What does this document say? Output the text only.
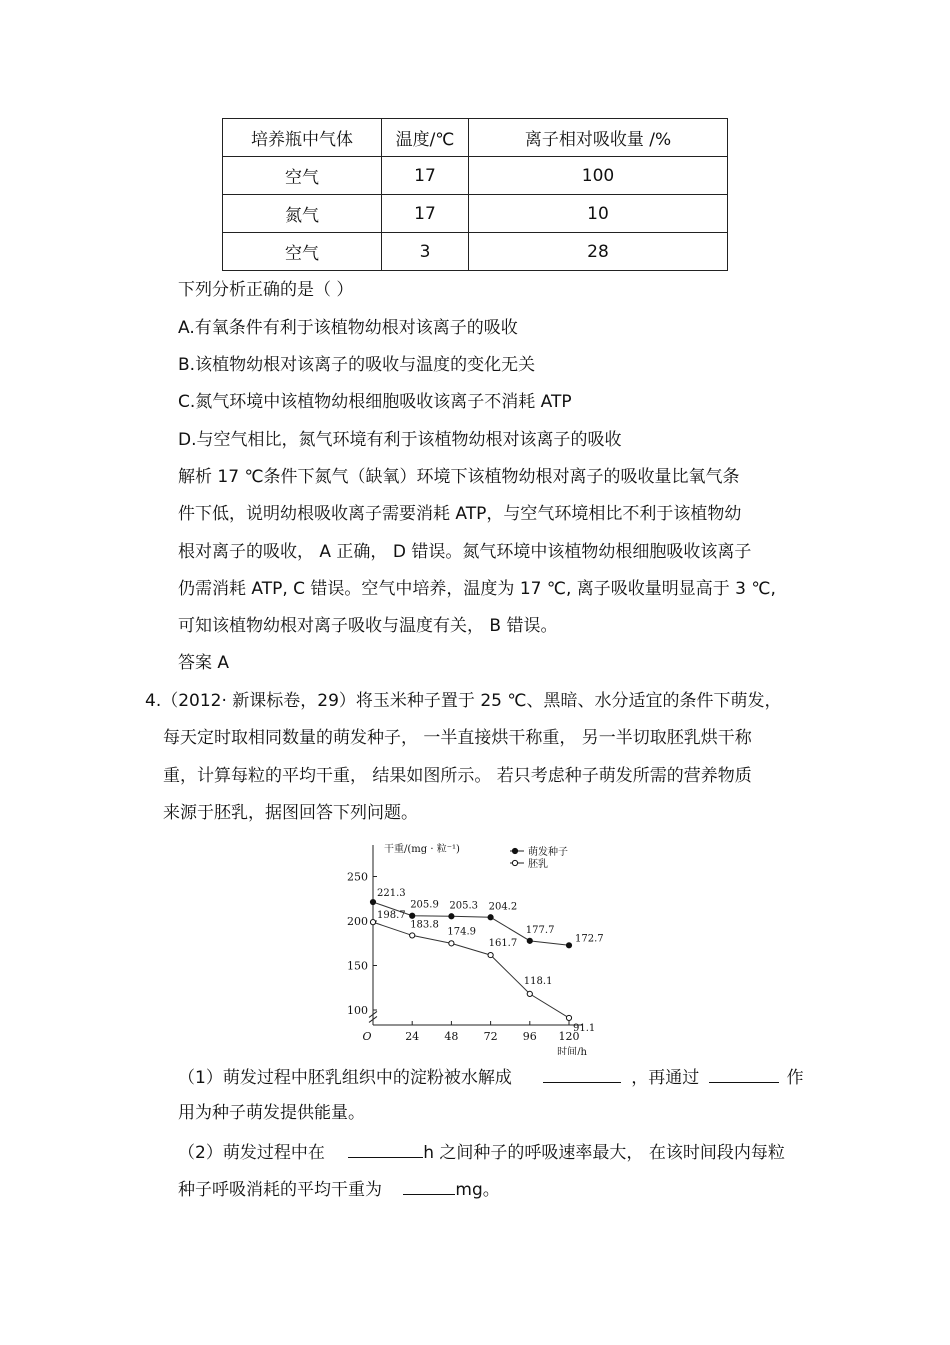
培养瓶中气体	温度/℃	离子相对吸收量 /%
空气	17	100
氮气	17	10
空气	3	28
下列分析正确的是（ ）
A.有氧条件有利于该植物幼根对该离子的吸收
B.该植物幼根对该离子的吸收与温度的变化无关
C.氮气环境中该植物幼根细胞吸收该离子不消耗 ATP
D.与空气相比，氮气环境有利于该植物幼根对该离子的吸收
解析 17 ℃条件下氮气（缺氧）环境下该植物幼根对离子的吸收量比氧气条
件下低，说明幼根吸收离子需要消耗 ATP，与空气环境相比不利于该植物幼
根对离子的吸收， A 正确， D 错误。氮气环境中该植物幼根细胞吸收该离子
仍需消耗 ATP, C 错误。空气中培养，温度为 17 ℃, 离子吸收量明显高于 3 ℃,
可知该植物幼根对离子吸收与温度有关， B 错误。
答案 A
4.（2012· 新课标卷，29）将玉米种子置于 25 ℃、黑暗、水分适宜的条件下萌发，
每天定时取相同数量的萌发种子， 一半直接烘干称重， 另一半切取胚乳烘干称
重，计算每粒的平均干重， 结果如图所示。 若只考虑种子萌发所需的营养物质
来源于胚乳，据图回答下列问题。
100
150
200
250
24 48 72 96 120
O
干重/(mg · 粒⁻¹)
时间/h
萌发种子
胚乳
221.3
205.9 205.3 204.2
177.7
172.7
198.7
183.8
174.9
161.7
118.1
91.1
（1）萌发过程中胚乳组织中的淀粉被水解成	，再通过	作
用为种子萌发提供能量。
（2）萌发过程中在	h 之间种子的呼吸速率最大， 在该时间段内每粒
种子呼吸消耗的平均干重为	mg。
